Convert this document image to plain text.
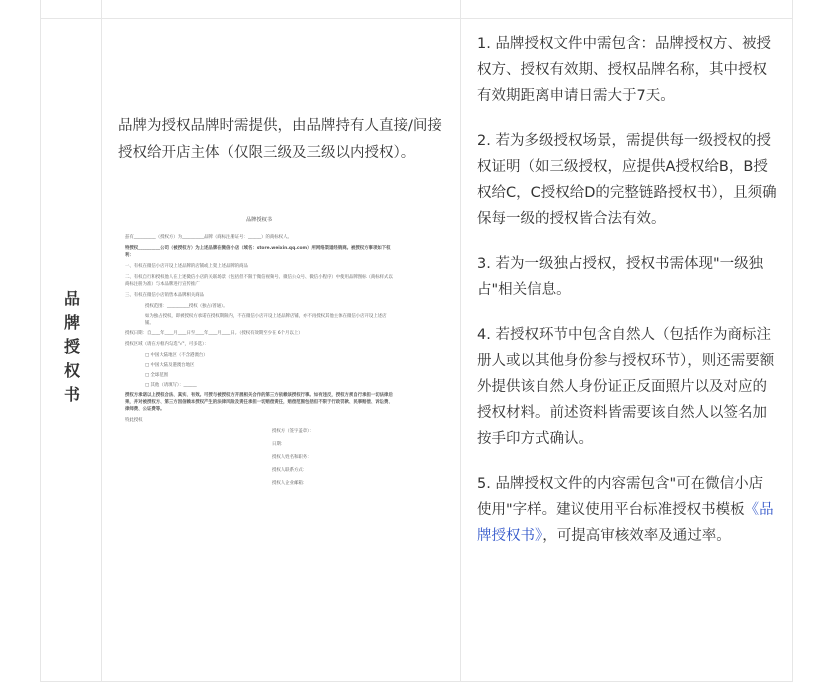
品牌授权书
品牌为授权品牌时需提供，由品牌持有人直接/间接授权给开店主体（仅限三级及三级以内授权）。
品牌授权书

兹有__________（授权方）为__________品牌（商标注册证号：______）的商标权人。

特授权__________公司（被授权方）为上述品牌在微信小店（域名：store.weixin.qq.com）所网络渠道经销商。被授权方事项如下权利：

一、有权在微信小店开设上述品牌的店铺或上架上述品牌的商品

二、有权自行和授权他人在上述微信小店的关联场景（包括但不限于微信视频号、微信公众号、微信小程序）中使用品牌图标（商标样式以商标注册为准）与本品牌进行宣传推广

三、有权在微信小店销售本品牌相关商品

授权范围：__________授权（独占/普通）。

如为独占授权，即被授权方承诺在授权期限内，不在微信小店开设上述品牌店铺，亦不再授权其他主体在微信小店开设上述店铺。

授权日期：自____年____月____日至____年____月____日。（授权有效期至少在 6个月以上）

授权区域（请在方框内勾选"√"，可多选）：

□ 中国大陆地区（不含港澳台）

□ 中国大陆及港澳台地区

□ 全球范围

□ 其他（请填写）：______

授权方承诺以上授权合法、真实、有效。可授与被授权方开展相关合作的第三方依赖该授权行事。如有违反，授权方须自行承担一切法律后果，并对被授权方、第三方因信赖本授权产生的法律风险及责任承担一切赔偿责任，赔偿范围包括但不限于行政罚款、民事赔偿、诉讼费、律师费、公证费等。

特此授权

授权方（签字盖章）：

日期：

授权人姓名和职务：

授权人联系方式：

授权人企业邮箱：

1. 品牌授权文件中需包含：品牌授权方、被授权方、授权有效期、授权品牌名称，其中授权有效期距离申请日需大于7天。

2. 若为多级授权场景，需提供每一级授权的授权证明（如三级授权，应提供A授权给B，B授权给C，C授权给D的完整链路授权书），且须确保每一级的授权皆合法有效。

3. 若为一级独占授权，授权书需体现"一级独占"相关信息。

4. 若授权环节中包含自然人（包括作为商标注册人或以其他身份参与授权环节），则还需要额外提供该自然人身份证正反面照片以及对应的授权材料。前述资料皆需要该自然人以签名加按手印方式确认。

5. 品牌授权文件的内容需包含"可在微信小店使用"字样。建议使用平台标准授权书模板《品牌授权书》，可提高审核效率及通过率。
